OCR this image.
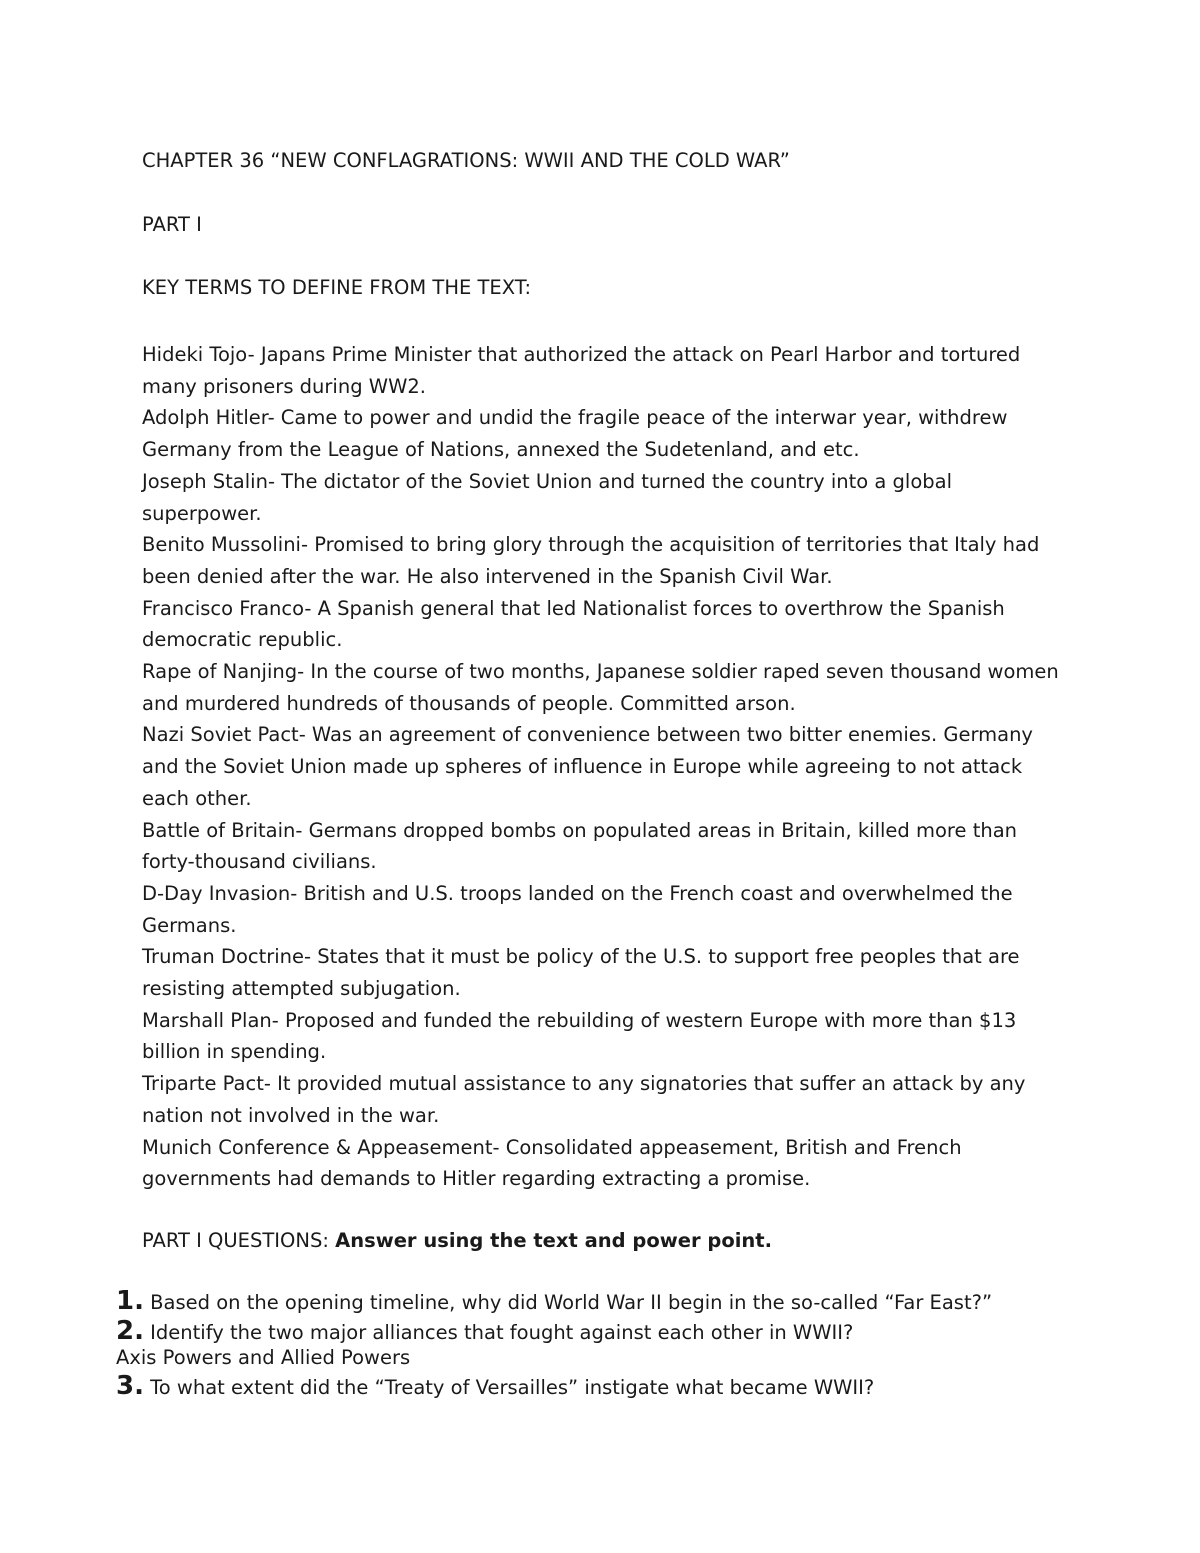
CHAPTER 36 “NEW CONFLAGRATIONS: WWII AND THE COLD WAR”
PART I
KEY TERMS TO DEFINE FROM THE TEXT:

Hideki Tojo- Japans Prime Minister that authorized the attack on Pearl Harbor and tortured many prisoners during WW2.

Adolph Hitler- Came to power and undid the fragile peace of the interwar year, withdrew Germany from the League of Nations, annexed the Sudetenland, and etc.

Joseph Stalin- The dictator of the Soviet Union and turned the country into a global superpower.

Benito Mussolini- Promised to bring glory through the acquisition of territories that Italy had been denied after the war. He also intervened in the Spanish Civil War.

Francisco Franco- A Spanish general that led Nationalist forces to overthrow the Spanish democratic republic.

Rape of Nanjing- In the course of two months, Japanese soldier raped seven thousand women and murdered hundreds of thousands of people. Committed arson.

Nazi Soviet Pact- Was an agreement of convenience between two bitter enemies. Germany and the Soviet Union made up spheres of influence in Europe while agreeing to not attack each other.

Battle of Britain- Germans dropped bombs on populated areas in Britain, killed more than forty-thousand civilians.

D-Day Invasion- British and U.S. troops landed on the French coast and overwhelmed the Germans.

Truman Doctrine- States that it must be policy of the U.S. to support free peoples that are resisting attempted subjugation.

Marshall Plan- Proposed and funded the rebuilding of western Europe with more than $13 billion in spending.

Triparte Pact- It provided mutual assistance to any signatories that suffer an attack by any nation not involved in the war.

Munich Conference & Appeasement- Consolidated appeasement, British and French governments had demands to Hitler regarding extracting a promise.

PART I QUESTIONS: Answer using the text and power point.
1. Based on the opening timeline, why did World War II begin in the so-called “Far East?”
2. Identify the two major alliances that fought against each other in WWII?
Axis Powers and Allied Powers
3. To what extent did the “Treaty of Versailles” instigate what became WWII?
